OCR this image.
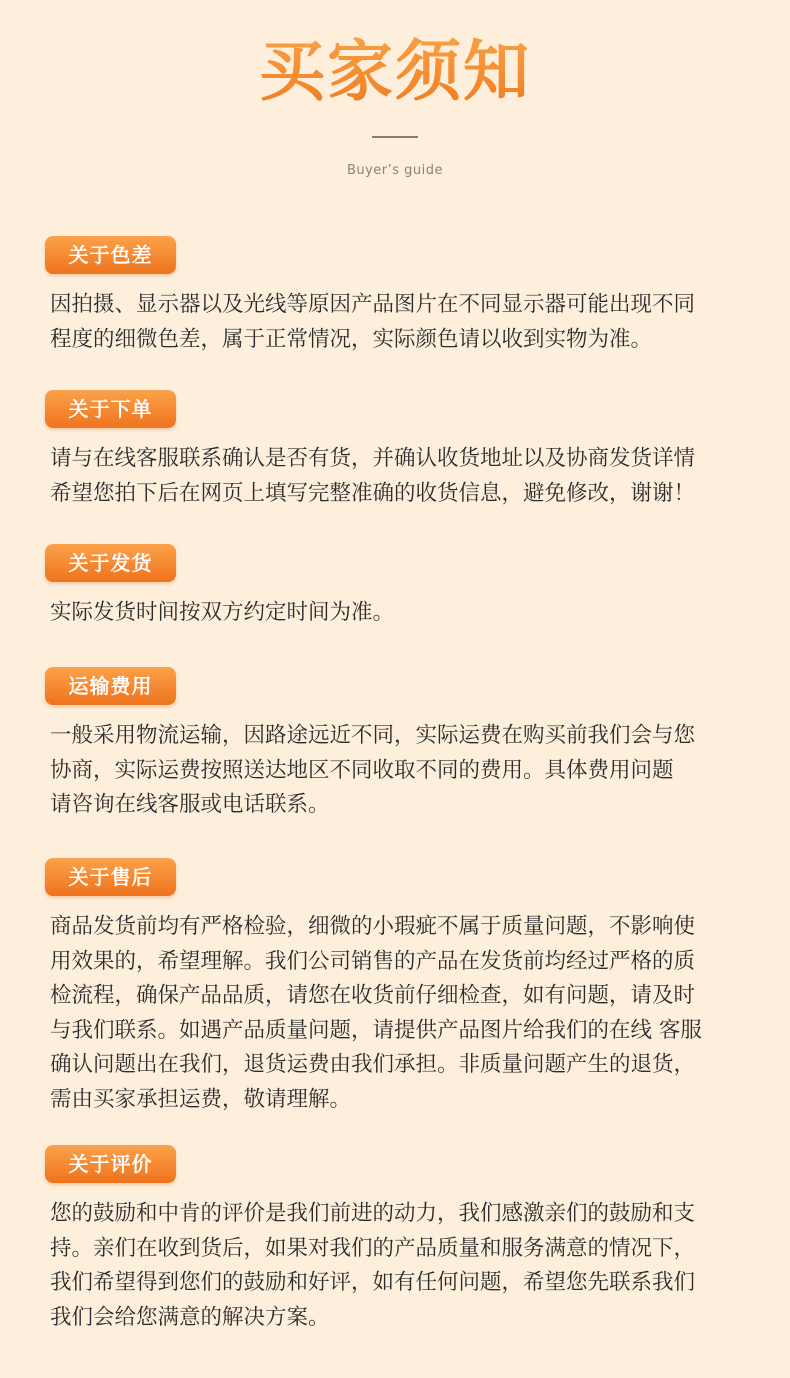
买家须知
Buyer’s guide
关于色差

因拍摄、显示器以及光线等原因产品图片在不同显示器可能出现不同
程度的细微色差，属于正常情况，实际颜色请以收到实物为准。

关于下单

请与在线客服联系确认是否有货，并确认收货地址以及协商发货详情
希望您拍下后在网页上填写完整准确的收货信息，避免修改，谢谢！

关于发货

实际发货时间按双方约定时间为准。

运输费用

一般采用物流运输，因路途远近不同，实际运费在购买前我们会与您
协商，实际运费按照送达地区不同收取不同的费用。具体费用问题
请咨询在线客服或电话联系。

关于售后

商品发货前均有严格检验，细微的小瑕疵不属于质量问题，不影响使
用效果的，希望理解。我们公司销售的产品在发货前均经过严格的质
检流程，确保产品品质，请您在收货前仔细检查，如有问题，请及时
与我们联系。如遇产品质量问题，请提供产品图片给我们的在线 客服
确认问题出在我们，退货运费由我们承担。非质量问题产生的退货，
需由买家承担运费，敬请理解。

关于评价

您的鼓励和中肯的评价是我们前进的动力，我们感激亲们的鼓励和支
持。亲们在收到货后，如果对我们的产品质量和服务满意的情况下，
我们希望得到您们的鼓励和好评，如有任何问题，希望您先联系我们
我们会给您满意的解决方案。
